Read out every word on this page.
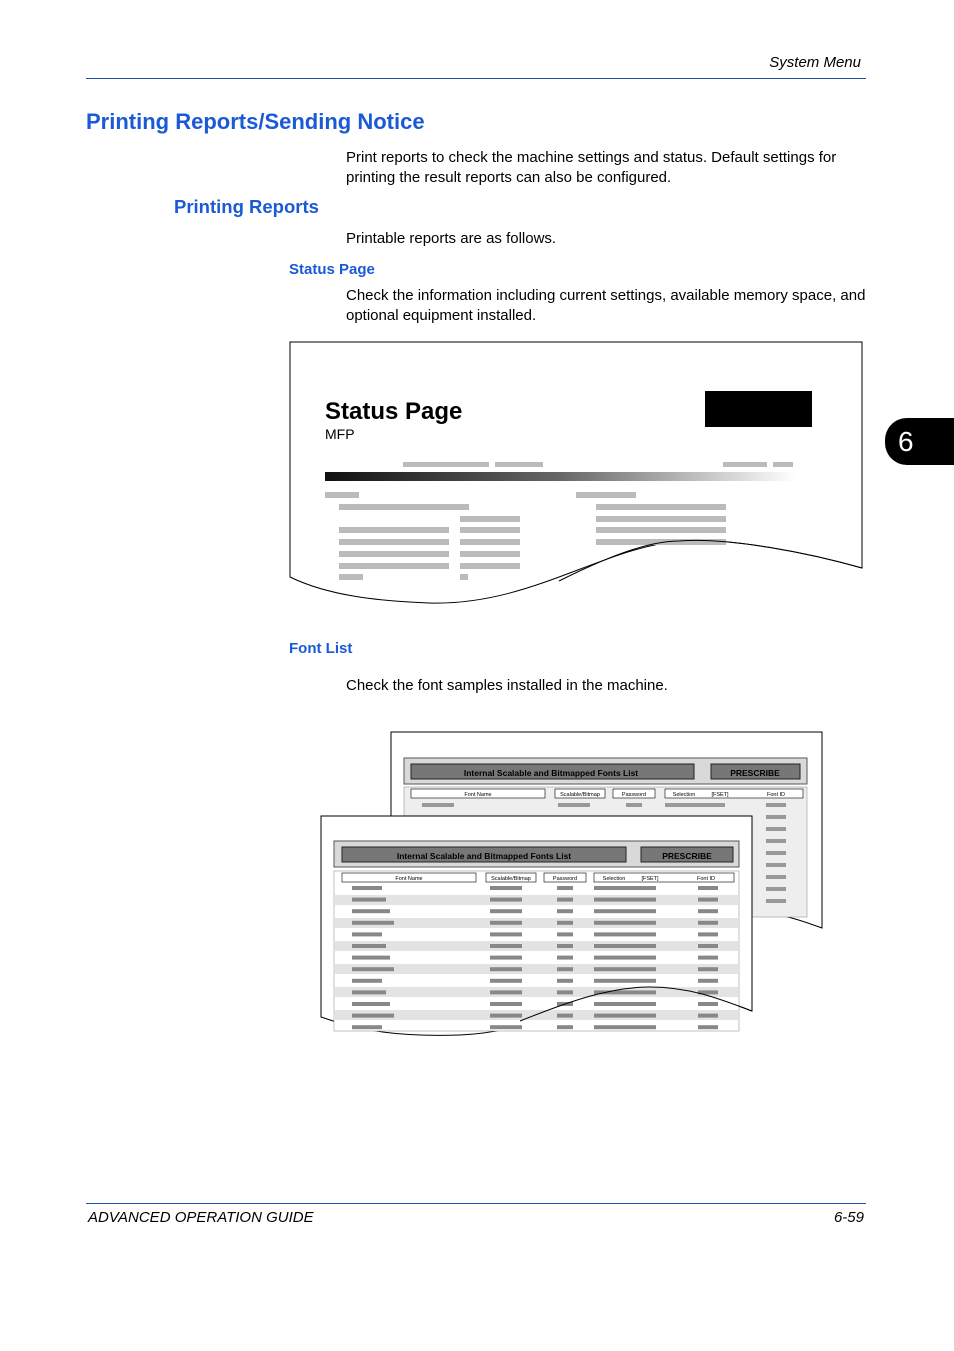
System Menu
6
Printing Reports/Sending Notice
Print reports to check the machine settings and status. Default settings for printing the result reports can also be configured.
Printing Reports
Printable reports are as follows.
Status Page
Check the information including current settings, available memory space, and optional equipment installed.
Status Page
MFP
Font List
Check the font samples installed in the machine.
Internal Scalable and Bitmapped Fonts List	PRESCRIBE
Font Name	Scalable/Bitmap	Password	Selection	[FSET]	Font ID
Internal Scalable and Bitmapped Fonts List	PRESCRIBE
Font Name	Scalable/Bitmap	Password	Selection	[FSET]	Font ID
ADVANCED OPERATION GUIDE	6-59
